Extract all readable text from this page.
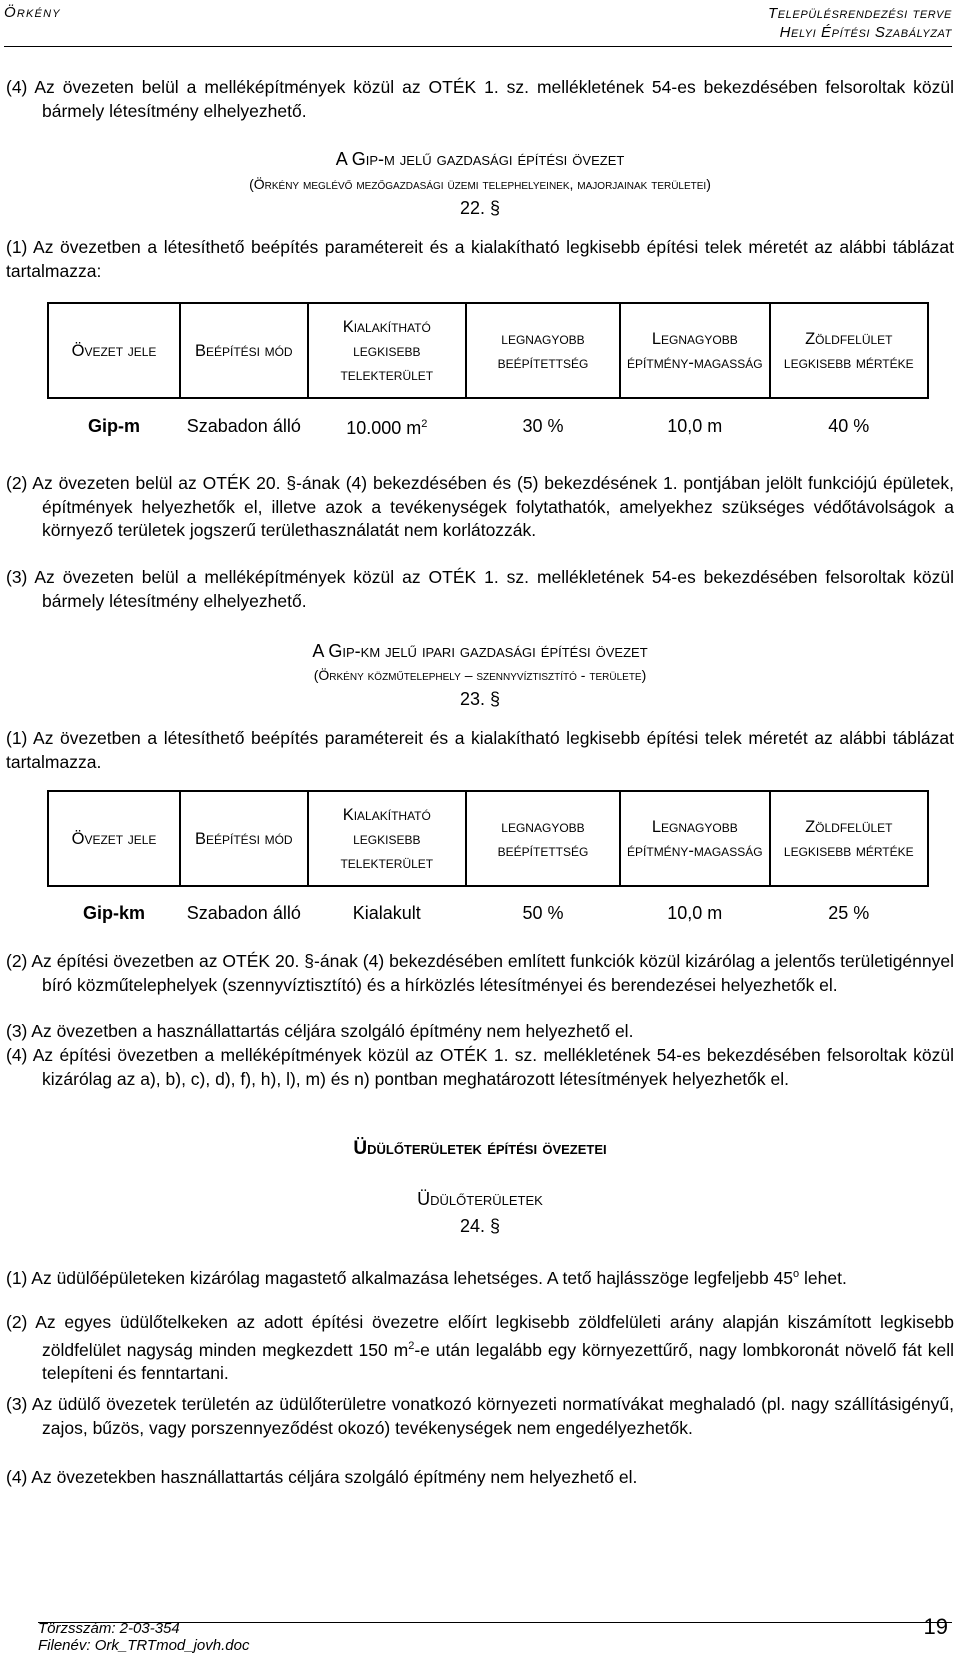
Örkény	Településrendezési terve
Helyi Építési Szabályzat
(4) Az övezeten belül a melléképítmények közül az OTÉK 1. sz. mellékletének 54-es bekezdésében felsoroltak közül bármely létesítmény elhelyezhető.
A Gip-m jelű gazdasági építési övezet
(Örkény meglévő mezőgazdasági üzemi telephelyeinek, majorjainak területei)
22. §
(1) Az övezetben a létesíthető beépítés paramétereit és a kialakítható legkisebb építési telek méretét az alábbi táblázat tartalmazza:
Övezet jele	Beépítési mód	Kialakítható legkisebb telekterület	legnagyobb beépítettség	Legnagyobb építmény-magasság	Zöldfelület legkisebb mértéke
Gip-m	Szabadon álló	10.000 $m^2$	30 %	10,0 m	40 %
(2) Az övezeten belül az OTÉK 20. §-ának (4) bekezdésében és (5) bekezdésének 1. pontjában jelölt funkciójú épületek, építmények helyezhetők el, illetve azok a tevékenységek folytathatók, amelyekhez szükséges védőtávolságok a környező területek jogszerű területhasználatát nem korlátozzák.
(3) Az övezeten belül a melléképítmények közül az OTÉK 1. sz. mellékletének 54-es bekezdésében felsoroltak közül bármely létesítmény elhelyezhető.
A Gip-km jelű ipari gazdasági építési övezet
(Örkény közműtelephely – szennyvíztisztító - területe)
23. §
(1) Az övezetben a létesíthető beépítés paramétereit és a kialakítható legkisebb építési telek méretét az alábbi táblázat tartalmazza.
Övezet jele	Beépítési mód	Kialakítható legkisebb telekterület	legnagyobb beépítettség	Legnagyobb építmény-magasság	Zöldfelület legkisebb mértéke
Gip-km	Szabadon álló	Kialakult	50 %	10,0 m	25 %
(2) Az építési övezetben az OTÉK 20. §-ának (4) bekezdésében említett funkciók közül kizárólag a jelentős területigénnyel bíró közműtelephelyek (szennyvíztisztító) és a hírközlés létesítményei és berendezései helyezhetők el.
(3) Az övezetben a használlattartás céljára szolgáló építmény nem helyezhető el.
(4) Az építési övezetben a melléképítmények közül az OTÉK 1. sz. mellékletének 54-es bekezdésében felsoroltak közül kizárólag az a), b), c), d), f), h), l), m) és n) pontban meghatározott létesítmények helyezhetők el.
Üdülőterületek építési övezetei
Üdülőterületek
24. §
(1) Az üdülőépületeken kizárólag magastető alkalmazása lehetséges. A tető hajlásszöge legfeljebb 45$^o$ lehet.
(2) Az egyes üdülőtelkeken az adott építési övezetre előírt legkisebb zöldfelületi arány alapján kiszámított legkisebb zöldfelület nagyság minden megkezdett 150 $m^2-e$ után legalább egy környezettűrő, nagy lombkoronát növelő fát kell telepíteni és fenntartani.
(3) Az üdülő övezetek területén az üdülőterületre vonatkozó környezeti normatívákat meghaladó (pl. nagy szállításigényű, zajos, bűzös, vagy porszennyeződést okozó) tevékenységek nem engedélyezhetők.
(4) Az övezetekben használlattartás céljára szolgáló építmény nem helyezhető el.
Törzsszám: 2-03-354
Filenév: Ork_TRTmod_jovh.doc
19
